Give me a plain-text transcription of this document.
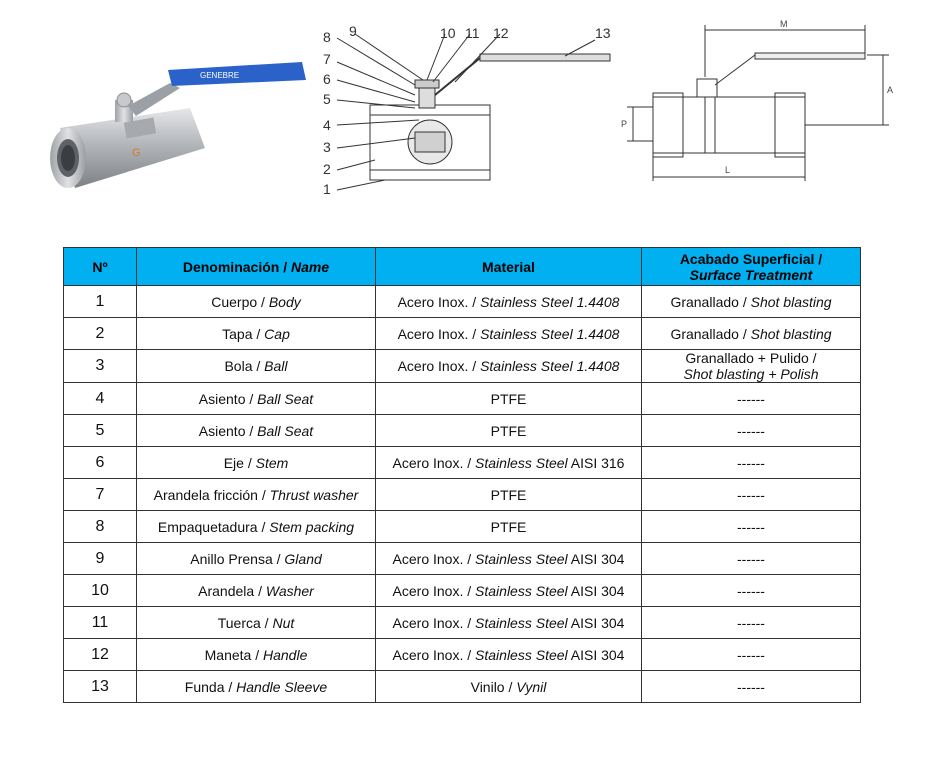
G
GENEBRE
8 9
7
6
5
4
3
2
1
10 11 12	13
M
A
P
L
Nº	Denominación / Name	Material	Acabado Superficial /
Surface Treatment
1	Cuerpo / Body	Acero Inox. / Stainless Steel 1.4408	Granallado / Shot blasting
2	Tapa / Cap	Acero Inox. / Stainless Steel 1.4408	Granallado / Shot blasting
3	Bola / Ball	Acero Inox. / Stainless Steel 1.4408	Granallado + Pulido /
Shot blasting + Polish
4	Asiento / Ball Seat	PTFE	------
5	Asiento / Ball Seat	PTFE	------
6	Eje / Stem	Acero Inox. / Stainless Steel AISI 316	------
7	Arandela fricción / Thrust washer	PTFE	------
8	Empaquetadura / Stem packing	PTFE	------
9	Anillo Prensa / Gland	Acero Inox. / Stainless Steel AISI 304	------
10	Arandela / Washer	Acero Inox. / Stainless Steel AISI 304	------
11	Tuerca / Nut	Acero Inox. / Stainless Steel AISI 304	------
12	Maneta / Handle	Acero Inox. / Stainless Steel AISI 304	------
13	Funda / Handle Sleeve	Vinilo / Vynil	------
